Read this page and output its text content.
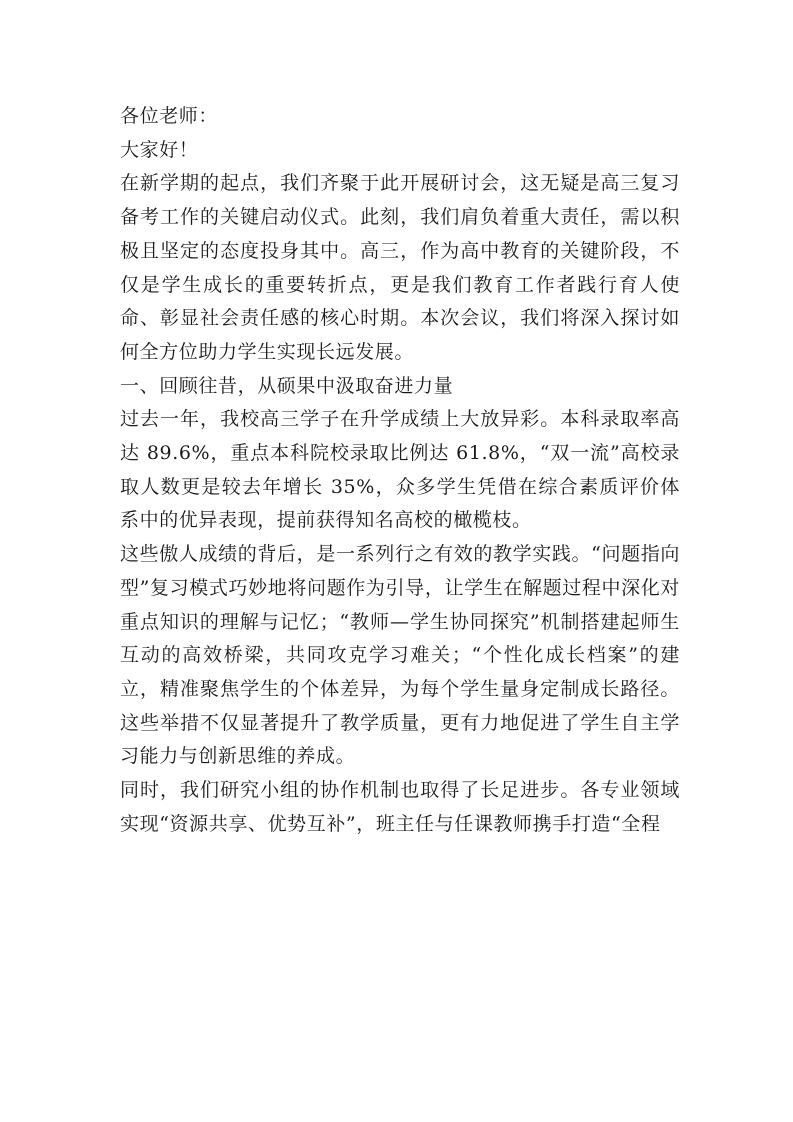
各位老师：

大家好！

在新学期的起点，我们齐聚于此开展研讨会，这无疑是高三复习备考工作的关键启动仪式。此刻，我们肩负着重大责任，需以积极且坚定的态度投身其中。高三，作为高中教育的关键阶段，不仅是学生成长的重要转折点，更是我们教育工作者践行育人使命、彰显社会责任感的核心时期。本次会议，我们将深入探讨如何全方位助力学生实现长远发展。

一、回顾往昔，从硕果中汲取奋进力量

过去一年，我校高三学子在升学成绩上大放异彩。本科录取率高达 89.6%，重点本科院校录取比例达 61.8%，“双一流”高校录取人数更是较去年增长 35%，众多学生凭借在综合素质评价体系中的优异表现，提前获得知名高校的橄榄枝。

这些傲人成绩的背后，是一系列行之有效的教学实践。“问题指向型”复习模式巧妙地将问题作为引导，让学生在解题过程中深化对重点知识的理解与记忆；“教师—学生协同探究”机制搭建起师生互动的高效桥梁，共同攻克学习难关；“个性化成长档案”的建立，精准聚焦学生的个体差异，为每个学生量身定制成长路径。这些举措不仅显著提升了教学质量，更有力地促进了学生自主学习能力与创新思维的养成。

同时，我们研究小组的协作机制也取得了长足进步。各专业领域实现“资源共享、优势互补”，班主任与任课教师携手打造“全程
